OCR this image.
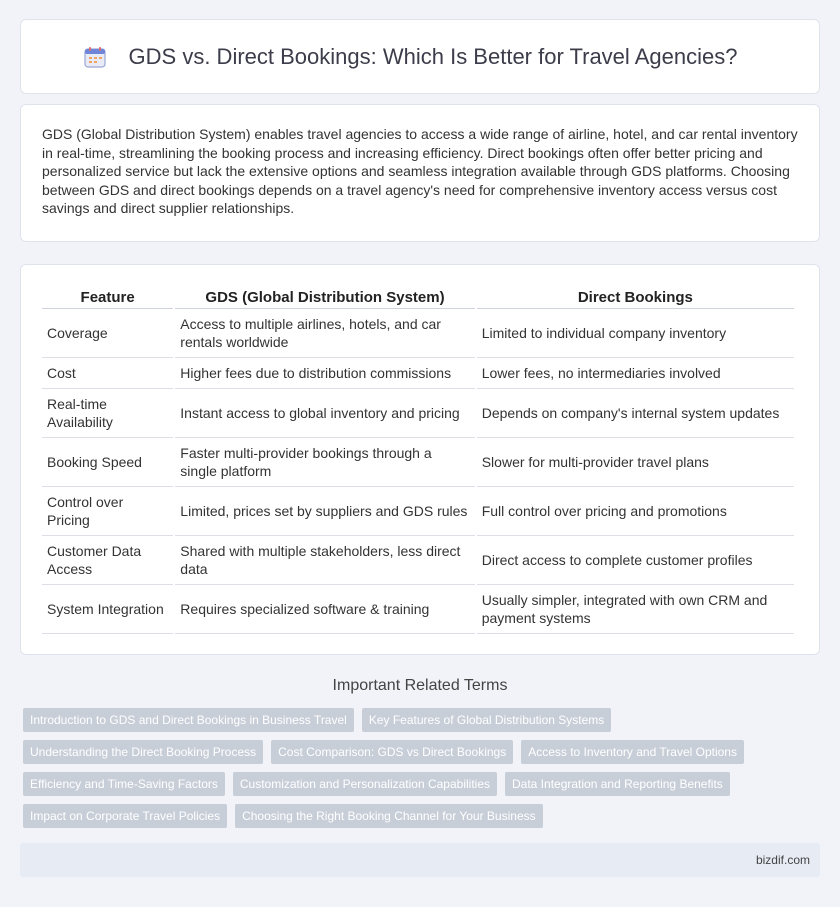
GDS vs. Direct Bookings: Which Is Better for Travel Agencies?

GDS (Global Distribution System) enables travel agencies to access a wide range of airline, hotel, and car rental inventory in real-time, streamlining the booking process and increasing efficiency. Direct bookings often offer better pricing and personalized service but lack the extensive options and seamless integration available through GDS platforms. Choosing between GDS and direct bookings depends on a travel agency's need for comprehensive inventory access versus cost savings and direct supplier relationships.

Feature	GDS (Global Distribution System)	Direct Bookings
Coverage	Access to multiple airlines, hotels, and car rentals worldwide	Limited to individual company inventory
Cost	Higher fees due to distribution commissions	Lower fees, no intermediaries involved
Real-time Availability	Instant access to global inventory and pricing	Depends on company's internal system updates
Booking Speed	Faster multi-provider bookings through a single platform	Slower for multi-provider travel plans
Control over Pricing	Limited, prices set by suppliers and GDS rules	Full control over pricing and promotions
Customer Data Access	Shared with multiple stakeholders, less direct data	Direct access to complete customer profiles
System Integration	Requires specialized software & training	Usually simpler, integrated with own CRM and payment systems
Important Related Terms
Introduction to GDS and Direct Bookings in Business Travel	Key Features of Global Distribution Systems
Understanding the Direct Booking Process	Cost Comparison: GDS vs Direct Bookings	Access to Inventory and Travel Options
Efficiency and Time-Saving Factors	Customization and Personalization Capabilities	Data Integration and Reporting Benefits
Impact on Corporate Travel Policies	Choosing the Right Booking Channel for Your Business
bizdif.com
